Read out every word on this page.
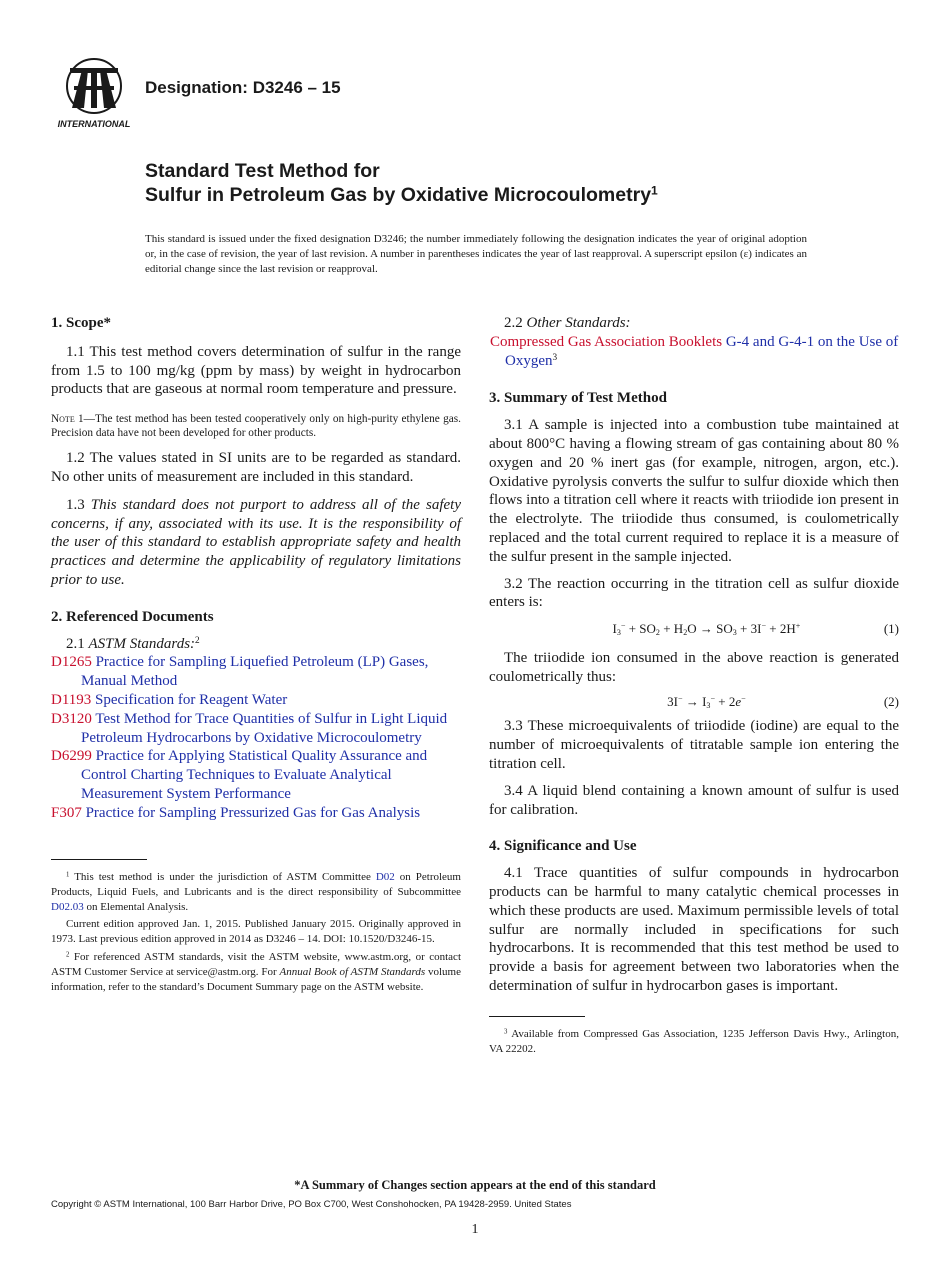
INTERNATIONAL
Designation: D3246 – 15
Standard Test Method for
Sulfur in Petroleum Gas by Oxidative Microcoulometry$^1$
This standard is issued under the fixed designation D3246; the number immediately following the designation indicates the year of original adoption or, in the case of revision, the year of last revision. A number in parentheses indicates the year of last reapproval. A superscript epsilon (ε) indicates an editorial change since the last revision or reapproval.

1. Scope*

1.1 This test method covers determination of sulfur in the range from 1.5 to 100 mg/kg (ppm by mass) by weight in hydrocarbon products that are gaseous at normal room temperature and pressure.

Note 1—The test method has been tested cooperatively only on high-purity ethylene gas. Precision data have not been developed for other products.

1.2 The values stated in SI units are to be regarded as standard. No other units of measurement are included in this standard.

1.3 This standard does not purport to address all of the safety concerns, if any, associated with its use. It is the responsibility of the user of this standard to establish appropriate safety and health practices and determine the applicability of regulatory limitations prior to use.

2. Referenced Documents

2.1 ASTM Standards:$^2$

D1265 Practice for Sampling Liquefied Petroleum (LP) Gases, Manual Method

D1193 Specification for Reagent Water

D3120 Test Method for Trace Quantities of Sulfur in Light Liquid Petroleum Hydrocarbons by Oxidative Microcoulometry

D6299 Practice for Applying Statistical Quality Assurance and Control Charting Techniques to Evaluate Analytical Measurement System Performance

F307 Practice for Sampling Pressurized Gas for Gas Analysis

$^1$ This test method is under the jurisdiction of ASTM Committee D02 on Petroleum Products, Liquid Fuels, and Lubricants and is the direct responsibility of Subcommittee D02.03 on Elemental Analysis.

Current edition approved Jan. 1, 2015. Published January 2015. Originally approved in 1973. Last previous edition approved in 2014 as D3246 – 14. DOI: 10.1520/D3246-15.

$^2$ For referenced ASTM standards, visit the ASTM website, www.astm.org, or contact ASTM Customer Service at service@astm.org. For Annual Book of ASTM Standards volume information, refer to the standard’s Document Summary page on the ASTM website.

2.2 Other Standards:

Compressed Gas Association Booklets G-4 and G-4-1 on the Use of Oxygen$^3$

3. Summary of Test Method

3.1 A sample is injected into a combustion tube maintained at about 800°C having a flowing stream of gas containing about 80 % oxygen and 20 % inert gas (for example, nitrogen, argon, etc.). Oxidative pyrolysis converts the sulfur to sulfur dioxide which then flows into a titration cell where it reacts with triiodide ion present in the electrolyte. The triiodide thus consumed, is coulometrically replaced and the total current required to replace it is a measure of the sulfur present in the sample injected.

3.2 The reaction occurring in the titration cell as sulfur dioxide enters is:

$I_3^- + SO_2 + H_2O \to SO_3 + 3I^- + 2H^+$	(1)

The triiodide ion consumed in the above reaction is generated coulometrically thus:

$3I^- \to I_3^- + 2e^-$	(2)

3.3 These microequivalents of triiodide (iodine) are equal to the number of microequivalents of titratable sample ion entering the titration cell.

3.4 A liquid blend containing a known amount of sulfur is used for calibration.

4. Significance and Use

4.1 Trace quantities of sulfur compounds in hydrocarbon products can be harmful to many catalytic chemical processes in which these products are used. Maximum permissible levels of total sulfur are normally included in specifications for such hydrocarbons. It is recommended that this test method be used to provide a basis for agreement between two laboratories when the determination of sulfur in hydrocarbon gases is important.

$^3$ Available from Compressed Gas Association, 1235 Jefferson Davis Hwy., Arlington, VA 22202.

*A Summary of Changes section appears at the end of this standard
Copyright © ASTM International, 100 Barr Harbor Drive, PO Box C700, West Conshohocken, PA 19428-2959. United States
1
